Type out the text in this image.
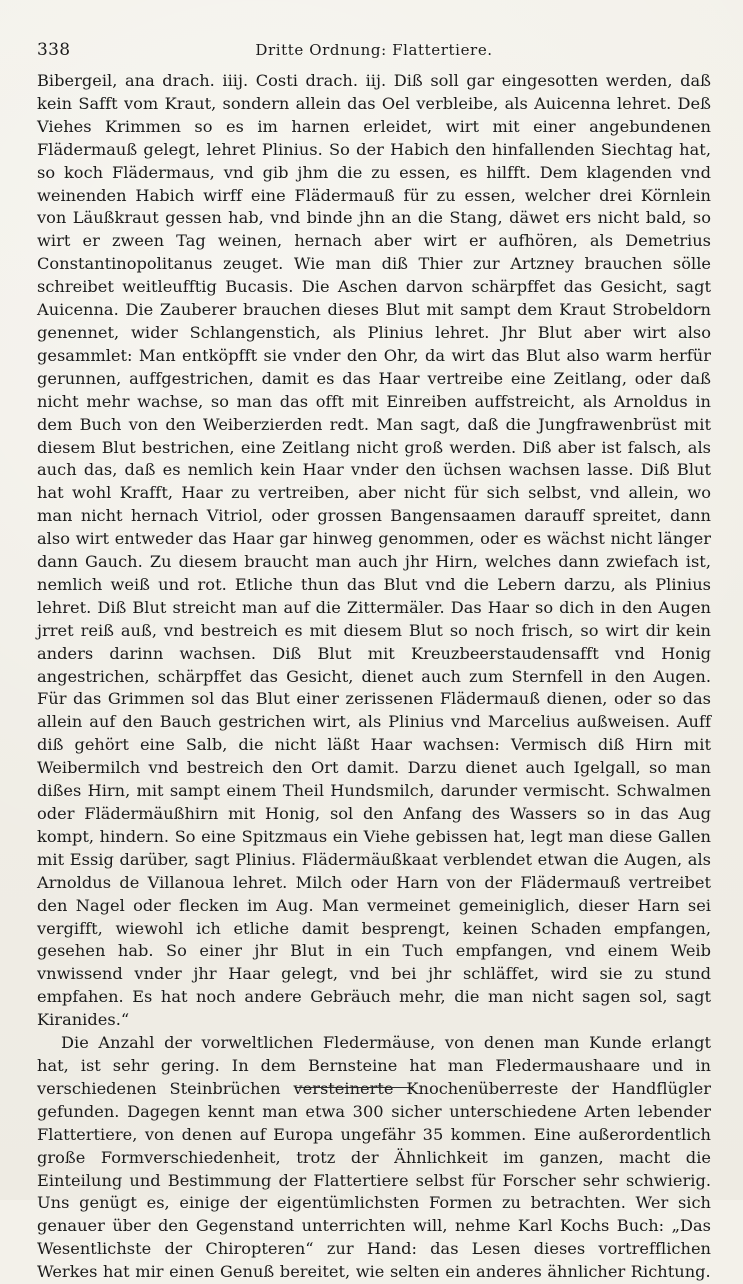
338	Dritte Ordnung: Flattertiere.

Bibergeil, ana drach. iiij. Costi drach. iij. Diß soll gar eingesotten werden, daß kein Safft vom Kraut, sondern allein das Oel verbleibe, als Auicenna lehret. Deß Viehes Krimmen so es im harnen erleidet, wirt mit einer angebundenen Flädermauß gelegt, lehret Plinius. So der Habich den hinfallenden Siechtag hat, so koch Flädermaus, vnd gib jhm die zu essen, es hilfft. Dem klagenden vnd weinenden Habich wirff eine Flädermauß für zu essen, welcher drei Körnlein von Läußkraut gessen hab, vnd binde jhn an die Stang, däwet ers nicht bald, so wirt er zween Tag weinen, hernach aber wirt er aufhören, als Demetrius Constantinopolitanus zeuget. Wie man diß Thier zur Artzney brauchen sölle schreibet weitleufftig Bucasis. Die Aschen darvon schärpffet das Gesicht, sagt Auicenna. Die Zauberer brauchen dieses Blut mit sampt dem Kraut Strobeldorn genennet, wider Schlangenstich, als Plinius lehret. Jhr Blut aber wirt also gesammlet: Man entköpfft sie vnder den Ohr, da wirt das Blut also warm herfür gerunnen, auffgestrichen, damit es das Haar vertreibe eine Zeitlang, oder daß nicht mehr wachse, so man das offt mit Einreiben auffstreicht, als Arnoldus in dem Buch von den Weiberzierden redt. Man sagt, daß die Jungfrawenbrüst mit diesem Blut bestrichen, eine Zeitlang nicht groß werden. Diß aber ist falsch, als auch das, daß es nemlich kein Haar vnder den üchsen wachsen lasse. Diß Blut hat wohl Krafft, Haar zu vertreiben, aber nicht für sich selbst, vnd allein, wo man nicht hernach Vitriol, oder grossen Bangensaamen darauff spreitet, dann also wirt entweder das Haar gar hinweg genommen, oder es wächst nicht länger dann Gauch. Zu diesem braucht man auch jhr Hirn, welches dann zwiefach ist, nemlich weiß und rot. Etliche thun das Blut vnd die Lebern darzu, als Plinius lehret. Diß Blut streicht man auf die Zittermäler. Das Haar so dich in den Augen jrret reiß auß, vnd bestreich es mit diesem Blut so noch frisch, so wirt dir kein anders darinn wachsen. Diß Blut mit Kreuzbeerstaudensafft vnd Honig angestrichen, schärpffet das Gesicht, dienet auch zum Sternfell in den Augen. Für das Grimmen sol das Blut einer zerissenen Flädermauß dienen, oder so das allein auf den Bauch gestrichen wirt, als Plinius vnd Marcelius außweisen. Auff diß gehört eine Salb, die nicht läßt Haar wachsen: Vermisch diß Hirn mit Weibermilch vnd bestreich den Ort damit. Darzu dienet auch Igelgall, so man dißes Hirn, mit sampt einem Theil Hundsmilch, darunder vermischt. Schwalmen oder Flädermäußhirn mit Honig, sol den Anfang des Wassers so in das Aug kompt, hindern. So eine Spitzmaus ein Viehe gebissen hat, legt man diese Gallen mit Essig darüber, sagt Plinius. Flädermäußkaat verblendet etwan die Augen, als Arnoldus de Villanoua lehret. Milch oder Harn von der Flädermauß vertreibet den Nagel oder flecken im Aug. Man vermeinet gemeiniglich, dieser Harn sei vergifft, wiewohl ich etliche damit besprengt, keinen Schaden empfangen, gesehen hab. So einer jhr Blut in ein Tuch empfangen, vnd einem Weib vnwissend vnder jhr Haar gelegt, vnd bei jhr schläffet, wird sie zu stund empfahen. Es hat noch andere Gebräuch mehr, die man nicht sagen sol, sagt Kiranides.“

Die Anzahl der vorweltlichen Fledermäuse, von denen man Kunde erlangt hat, ist sehr gering. In dem Bernsteine hat man Fledermaushaare und in verschiedenen Steinbrüchen versteinerte Knochenüberreste der Handflügler gefunden. Dagegen kennt man etwa 300 sicher unterschiedene Arten lebender Flattertiere, von denen auf Europa ungefähr 35 kommen. Eine außerordentlich große Formverschiedenheit, trotz der Ähnlichkeit im ganzen, macht die Einteilung und Bestimmung der Flattertiere selbst für Forscher sehr schwierig. Uns genügt es, einige der eigentümlichsten Formen zu betrachten. Wer sich genauer über den Gegenstand unterrichten will, nehme Karl Kochs Buch: „Das Wesentlichste der Chiropteren“ zur Hand: das Lesen dieses vortrefflichen Werkes hat mir einen Genuß bereitet, wie selten ein anderes ähnlicher Richtung.
